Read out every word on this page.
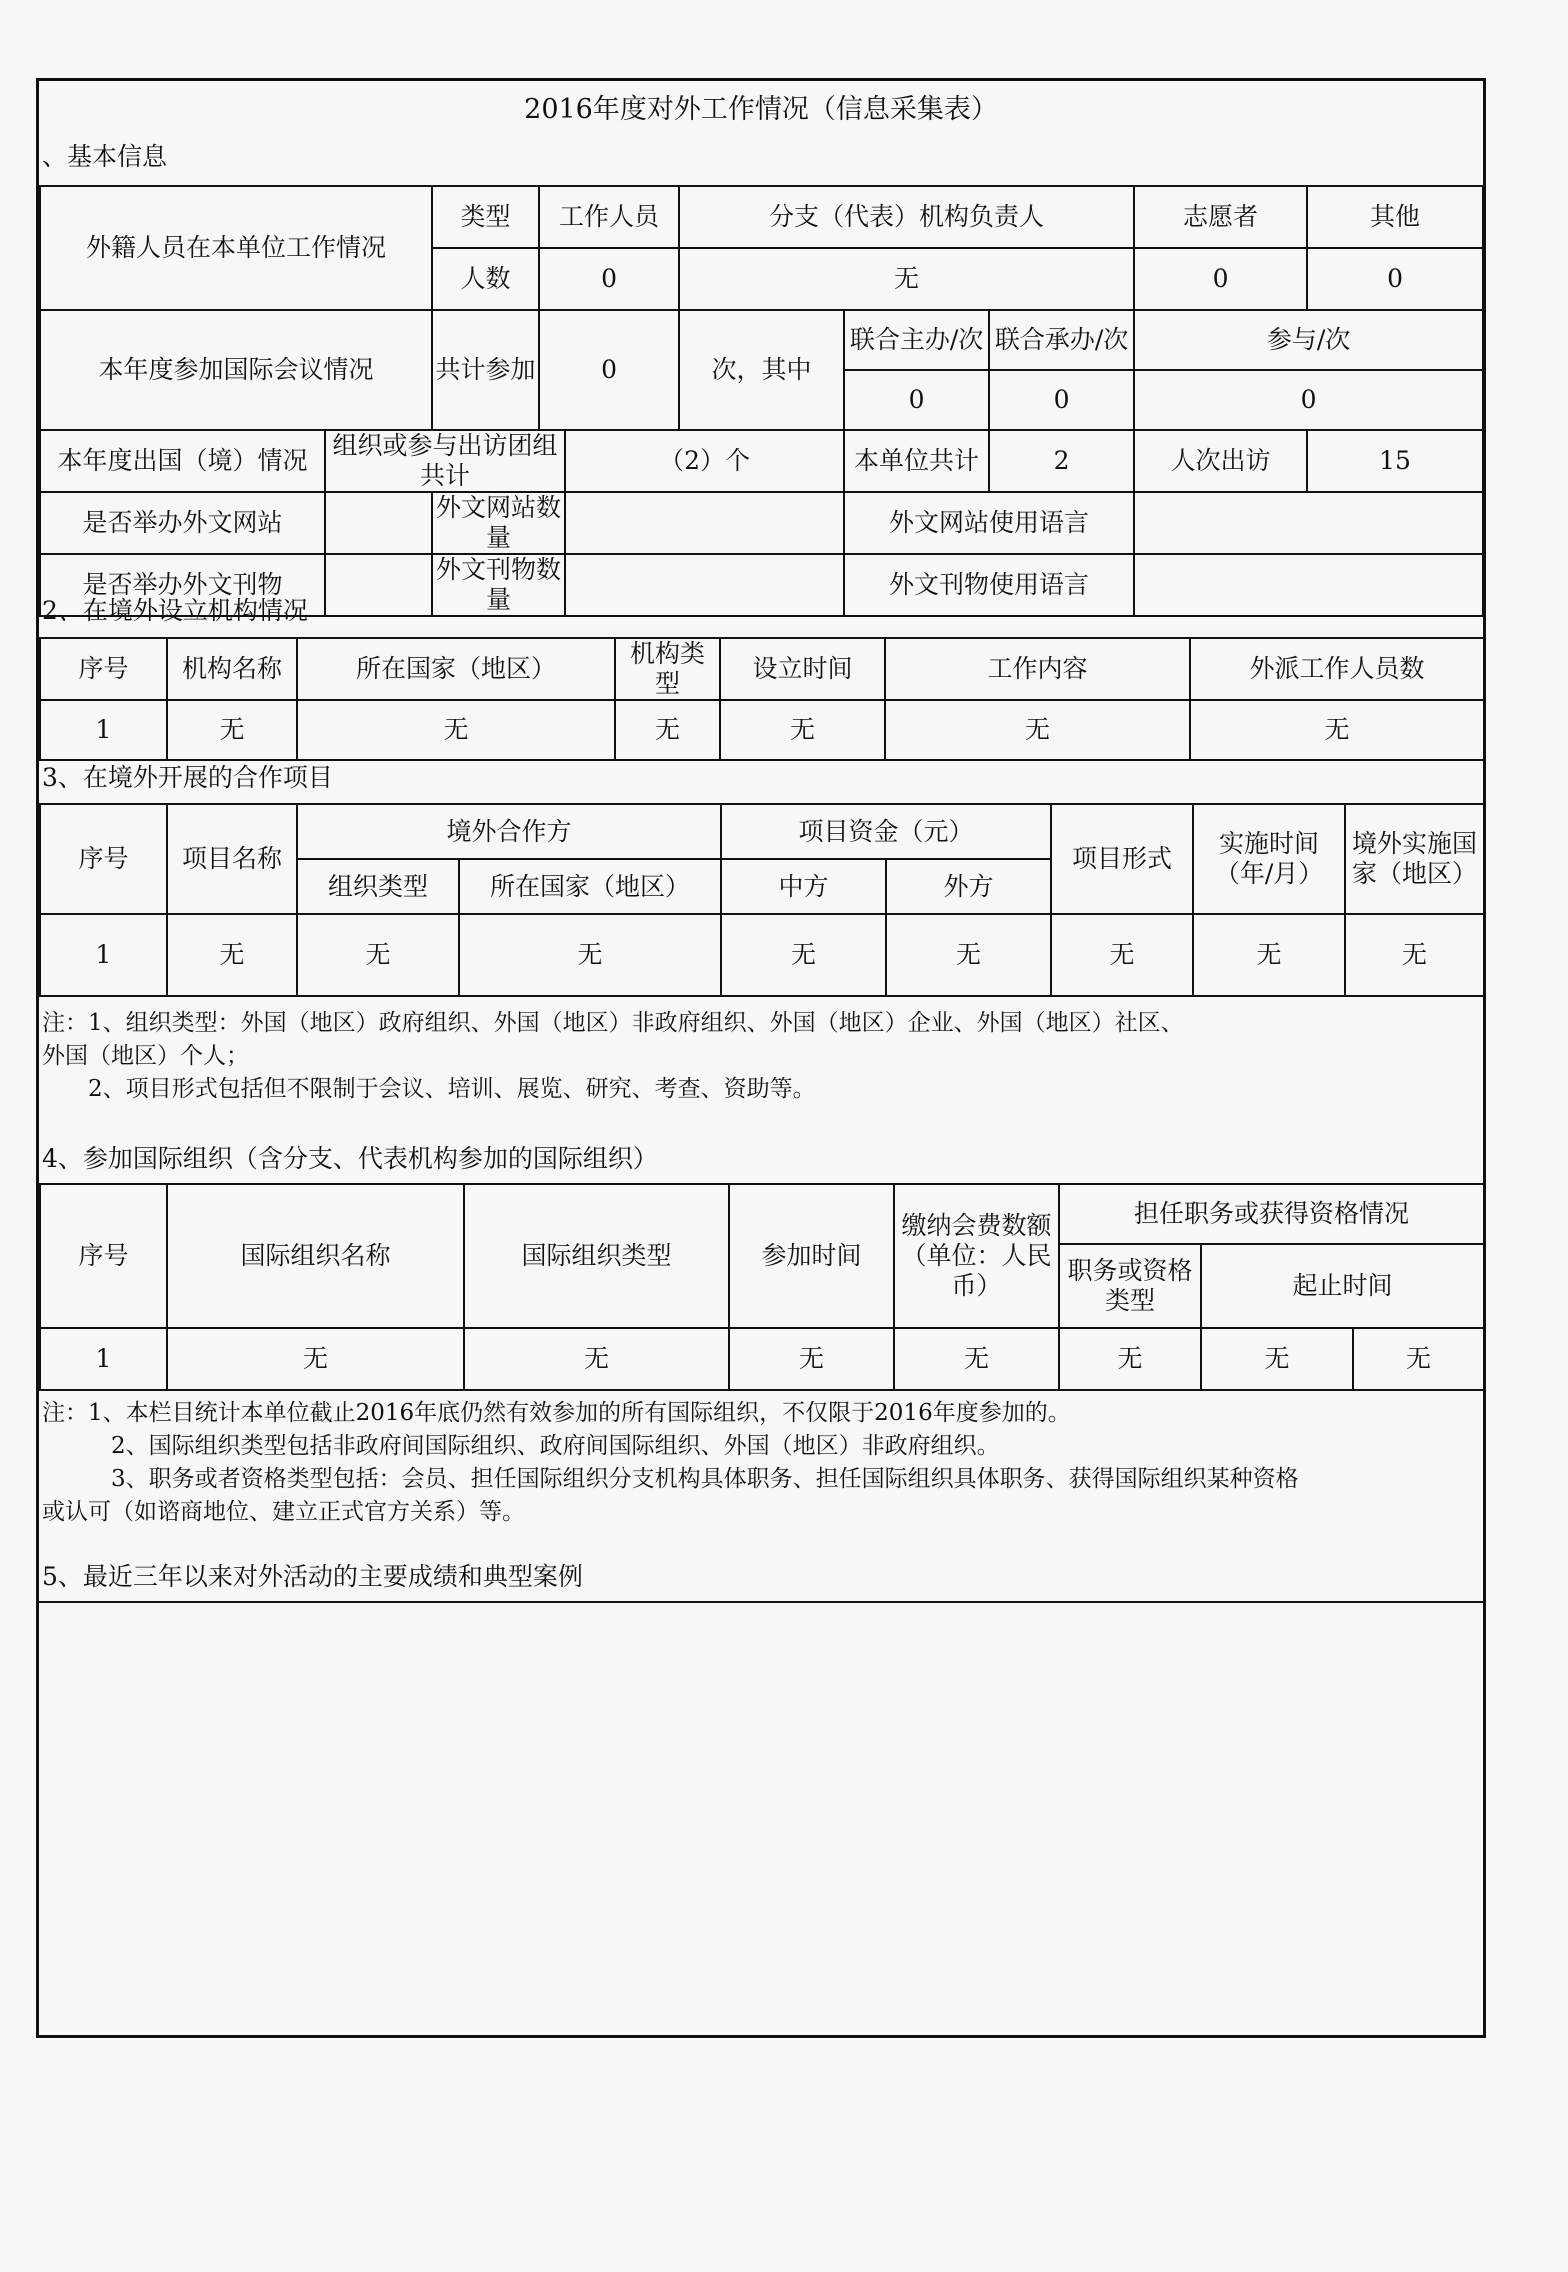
2016年度对外工作情况（信息采集表）
、基本信息
外籍人员在本单位工作情况		类型	工作人员		分支（代表）机构负责人			志愿者	其他
		人数	0		无			0	0
本年度参加国际会议情况		共计参加	0		次，其中	联合主办/次	联合承办/次	参与/次	
						0	0	0	
本年度出国（境）情况	组织或参与出访团组共计			（2）个		本单位共计	2	人次出访	15
是否举办外文网站		外文网站数量				外文网站使用语言			
是否举办外文刊物		外文刊物数量				外文刊物使用语言			
2、在境外设立机构情况
序号	机构名称	所在国家（地区）	机构类型	设立时间	工作内容	外派工作人员数
1	无	无	无	无	无	无
3、在境外开展的合作项目
序号	项目名称	境外合作方		项目资金（元）		项目形式	实施时间（年/月）	境外实施国家（地区）
		组织类型	所在国家（地区）	中方	外方			
1	无	无	无	无	无	无	无	无
注：1、组织类型：外国（地区）政府组织、外国（地区）非政府组织、外国（地区）企业、外国（地区）社区、
外国（地区）个人；
　　2、项目形式包括但不限制于会议、培训、展览、研究、考查、资助等。
4、参加国际组织（含分支、代表机构参加的国际组织）
序号	国际组织名称	国际组织类型	参加时间	缴纳会费数额（单位：人民币）	担任职务或获得资格情况		
					职务或资格类型	起止时间	
1	无	无	无	无	无	无	无
注：1、本栏目统计本单位截止2016年底仍然有效参加的所有国际组织，不仅限于2016年度参加的。
　　　2、国际组织类型包括非政府间国际组织、政府间国际组织、外国（地区）非政府组织。
　　　3、职务或者资格类型包括：会员、担任国际组织分支机构具体职务、担任国际组织具体职务、获得国际组织某种资格
或认可（如谘商地位、建立正式官方关系）等。
5、最近三年以来对外活动的主要成绩和典型案例
